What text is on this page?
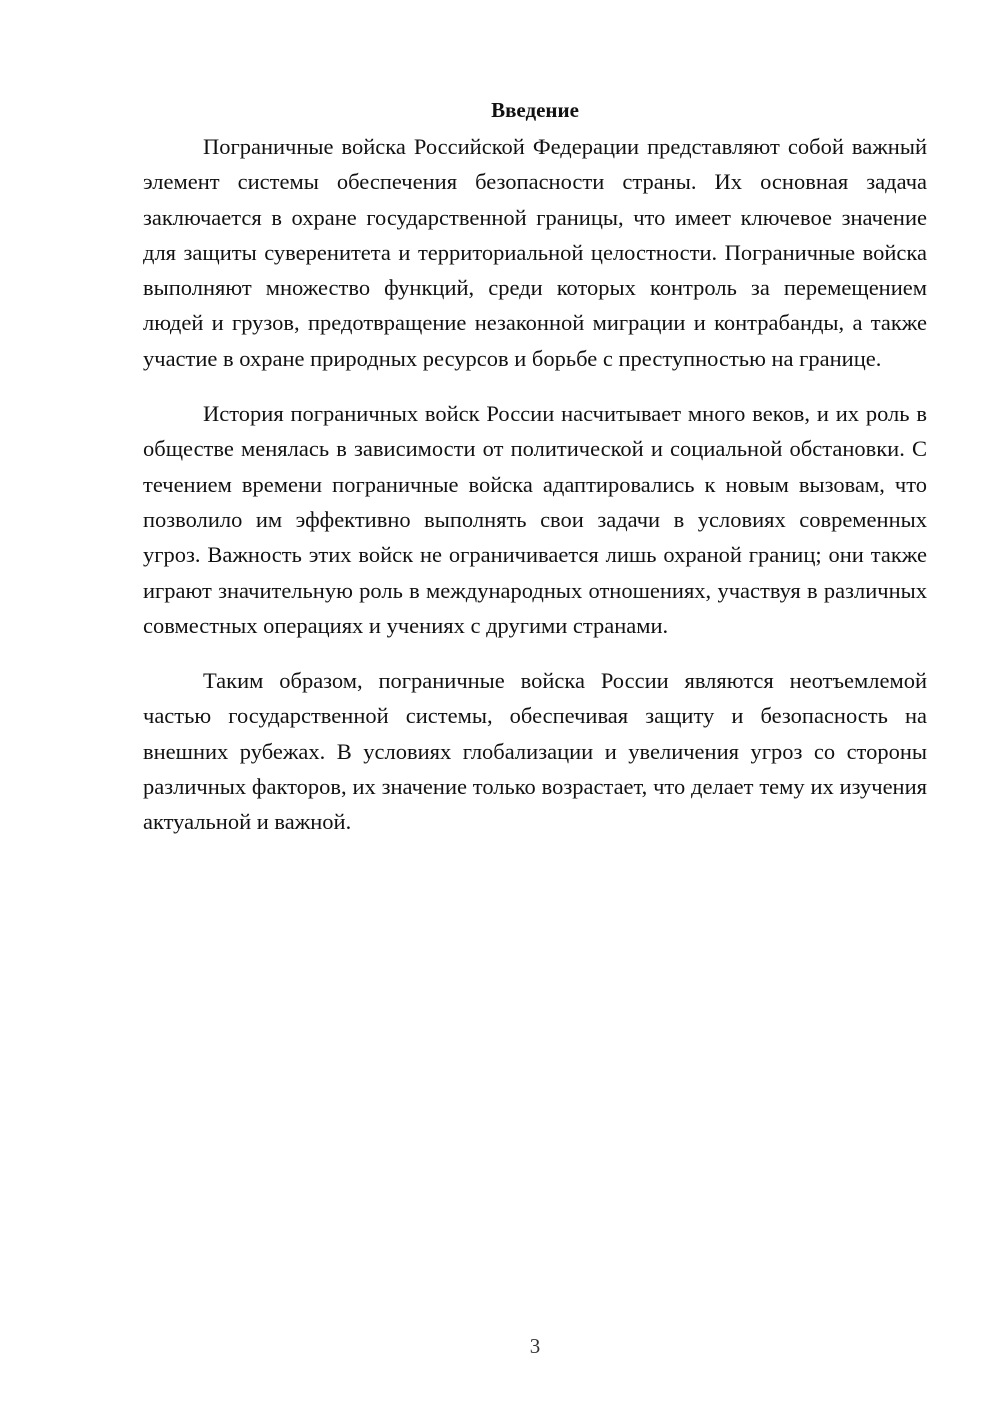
Введение

Пограничные войска Российской Федерации представляют собой важный элемент системы обеспечения безопасности страны. Их основная задача заключается в охране государственной границы, что имеет ключевое значение для защиты суверенитета и территориальной целостности. Пограничные войска выполняют множество функций, среди которых контроль за перемещением людей и грузов, предотвращение незаконной миграции и контрабанды, а также участие в охране природных ресурсов и борьбе с преступностью на границе.

История пограничных войск России насчитывает много веков, и их роль в обществе менялась в зависимости от политической и социальной обстановки. С течением времени пограничные войска адаптировались к новым вызовам, что позволило им эффективно выполнять свои задачи в условиях современных угроз. Важность этих войск не ограничивается лишь охраной границ; они также играют значительную роль в международных отношениях, участвуя в различных совместных операциях и учениях с другими странами.

Таким образом, пограничные войска России являются неотъемлемой частью государственной системы, обеспечивая защиту и безопасность на внешних рубежах. В условиях глобализации и увеличения угроз со стороны различных факторов, их значение только возрастает, что делает тему их изучения актуальной и важной.

3
